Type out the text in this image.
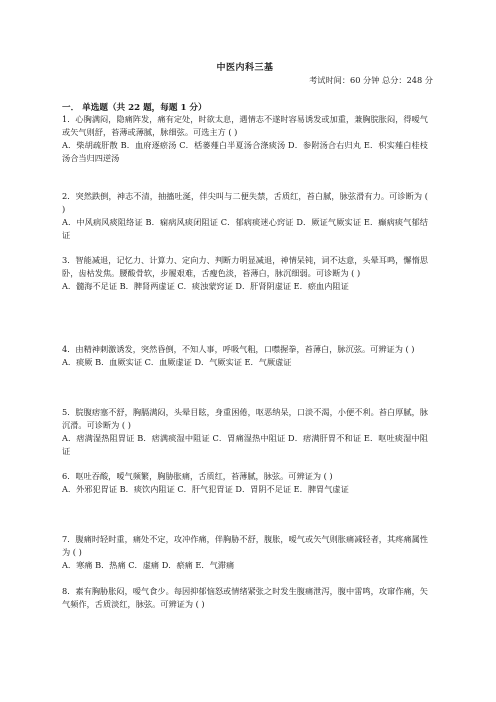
中医内科三基
考试时间：60 分钟 总分：248 分
一． 单选题（共 22 题，每题 1 分）

1．心胸满闷，隐痛阵发，痛有定处，时欲太息，遇情志不遂时容易诱发或加重，兼胸脘胀闷，得嗳气或矢气则舒，苔薄或薄腻，脉细弦。可选主方 ( )

A．柴胡疏肝散 B．血府逐瘀汤 C．栝蒌薤白半夏汤合涤痰汤 D．参附汤合右归丸 E．枳实薤白桂枝汤合当归四逆汤

2．突然跌倒，神志不清，抽搐吐涎，伴尖叫与二便失禁，舌质红，苔白腻，脉弦滑有力。可诊断为 ( )

A．中风病风痰阻络证 B．痫病风痰闭阻证 C．郁病痰迷心窍证 D．厥证气厥实证 E．癫病痰气郁结证

3．智能减退，记忆力、计算力、定向力、判断力明显减退，神情呆钝，词不达意，头晕耳鸣，懈惰思卧，齿枯发焦。腰酸骨软，步履艰难，舌瘦色淡，苔薄白，脉沉细弱。可诊断为 ( )

A．髓海不足证 B．脾肾两虚证 C．痰浊蒙窍证 D．肝肾阴虚证 E．瘀血内阻证

4．由精神刺激诱发，突然昏倒，不知人事，呼吸气粗，口噤握拳，苔薄白，脉沉弦。可辨证为 ( )

A．痰厥 B．血厥实证 C．血厥虚证 D．气厥实证 E．气厥虚证

5．脘腹痞塞不舒，胸膈满闷，头晕目眩，身重困倦，呕恶纳呆，口淡不渴，小便不利。苔白厚腻，脉沉滑。可诊断为 ( )

A．痞满湿热阻胃证 B．痞满痰湿中阻证 C．胃痛湿热中阻证 D．痞满肝胃不和证 E．呕吐痰湿中阻证

6．呕吐吞酸，嗳气频繁，胸胁胀痛，舌质红，苔薄腻，脉弦。可辨证为 ( )

A．外邪犯胃证 B．痰饮内阻证 C．肝气犯胃证 D．胃阴不足证 E．脾胃气虚证

7．腹痛时轻时重，痛处不定，攻冲作痛，伴胸胁不舒，腹胀，嗳气或矢气则胀痛减轻者，其疼痛属性为 ( )

A．寒痛 B．热痛 C．虚痛 D．瘀痛 E．气滞痛

8．素有胸胁胀闷，嗳气食少。每因抑郁恼怒或情绪紧张之时发生腹痛泄泻，腹中雷鸣，攻窜作痛，矢气频作，舌质淡红，脉弦。可辨证为 ( )
